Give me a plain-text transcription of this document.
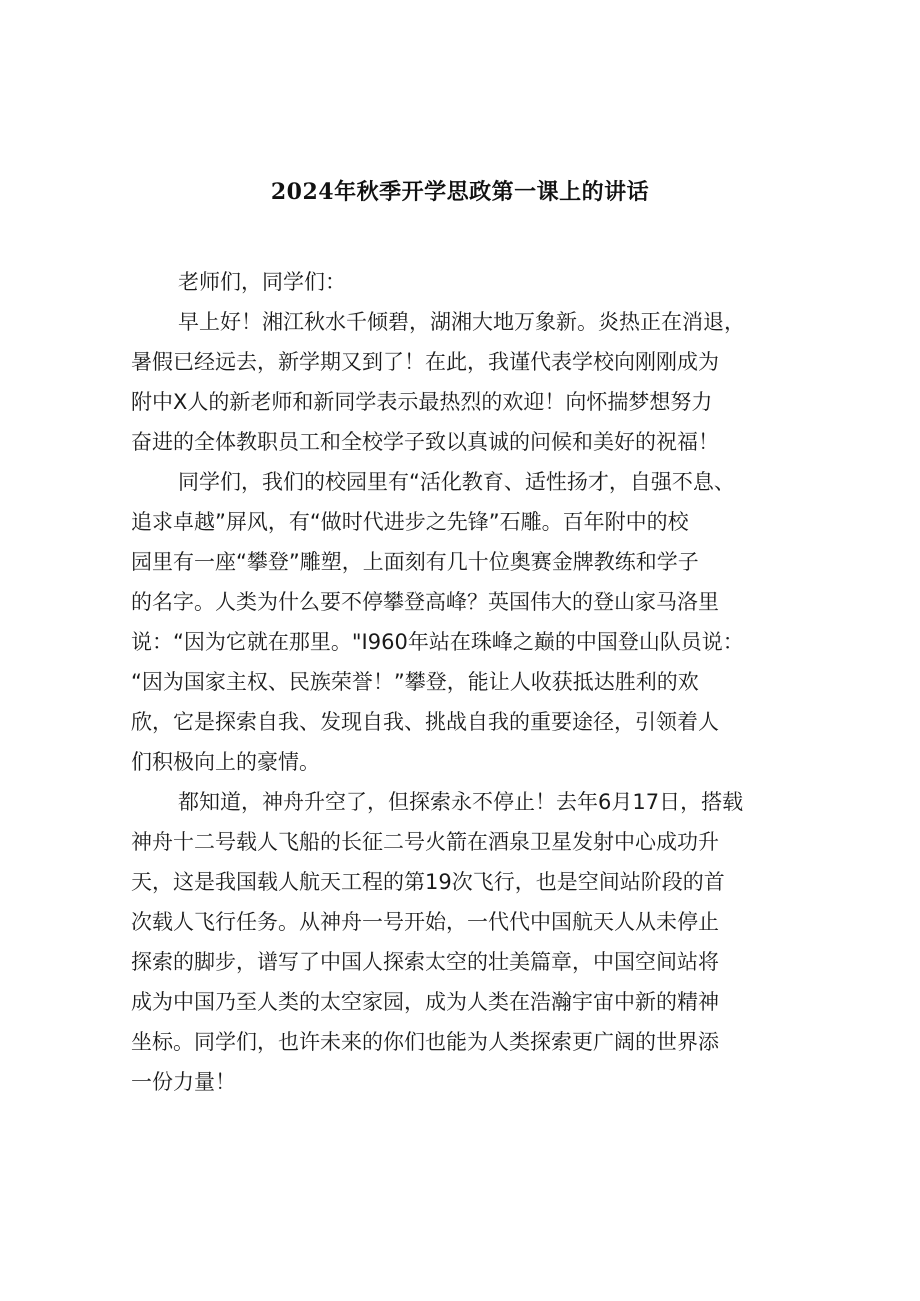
2024年秋季开学思政第一课上的讲话
老师们，同学们：
早上好！湘江秋水千倾碧，湖湘大地万象新。炎热正在消退，
暑假已经远去，新学期又到了！在此，我谨代表学校向刚刚成为
附中X人的新老师和新同学表示最热烈的欢迎！向怀揣梦想努力
奋进的全体教职员工和全校学子致以真诚的问候和美好的祝福！
同学们，我们的校园里有“活化教育、适性扬才，自强不息、
追求卓越”屏风，有“做时代进步之先锋”石雕。百年附中的校
园里有一座“攀登”雕塑，上面刻有几十位奥赛金牌教练和学子
的名字。人类为什么要不停攀登高峰？英国伟大的登山家马洛里
说：“因为它就在那里。"I960年站在珠峰之巅的中国登山队员说：
“因为国家主权、民族荣誉！”攀登，能让人收获抵达胜利的欢
欣，它是探索自我、发现自我、挑战自我的重要途径，引领着人
们积极向上的豪情。
都知道，神舟升空了，但探索永不停止！去年6月17日，搭载
神舟十二号载人飞船的长征二号火箭在酒泉卫星发射中心成功升
天，这是我国载人航天工程的第19次飞行，也是空间站阶段的首
次载人飞行任务。从神舟一号开始，一代代中国航天人从未停止
探索的脚步，谱写了中国人探索太空的壮美篇章，中国空间站将
成为中国乃至人类的太空家园，成为人类在浩瀚宇宙中新的精神
坐标。同学们，也许未来的你们也能为人类探索更广阔的世界添
一份力量！
